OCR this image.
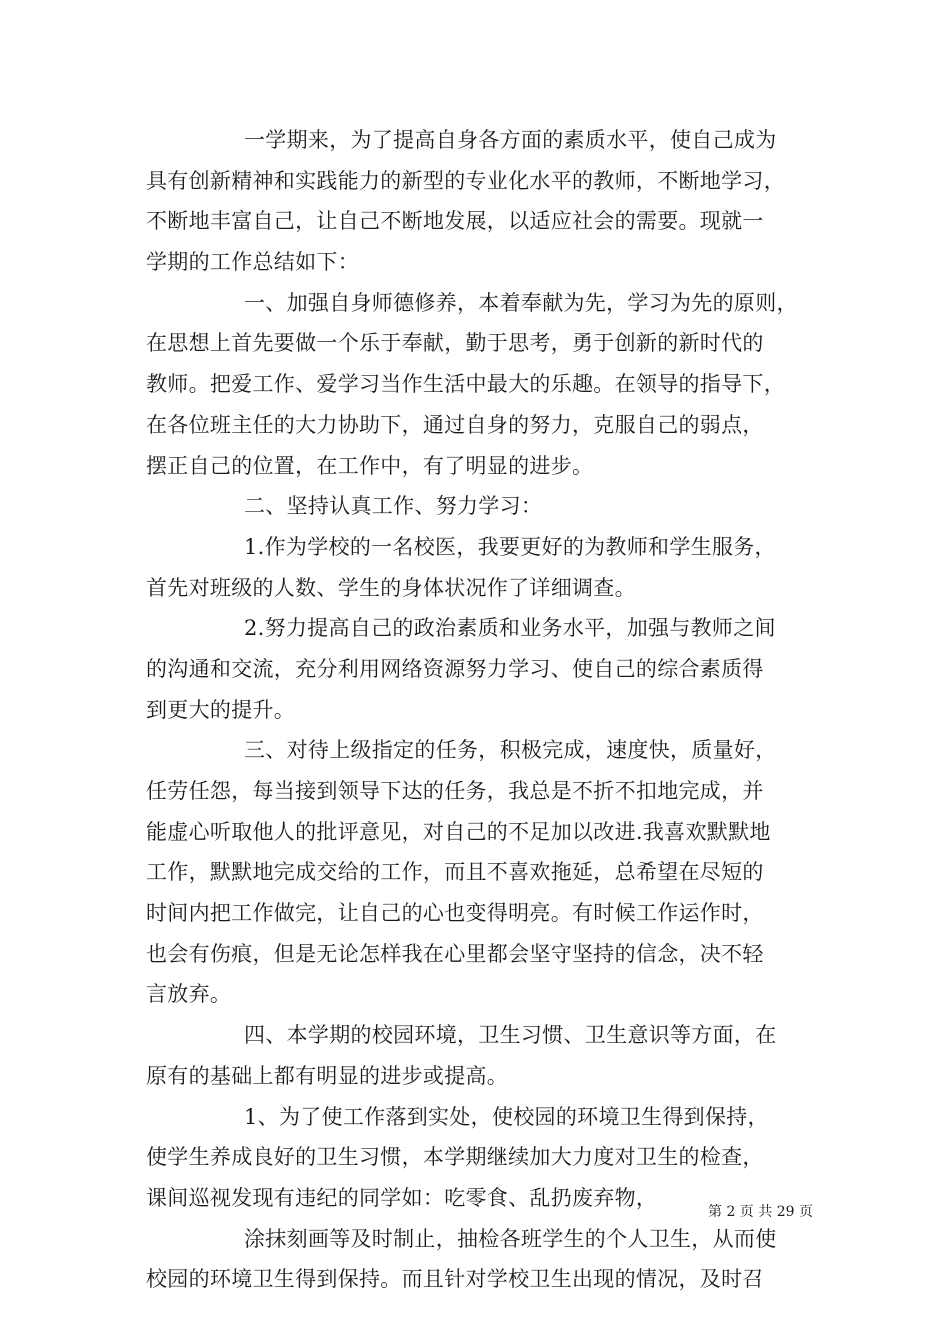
一学期来，为了提高自身各方面的素质水平，使自己成为
具有创新精神和实践能力的新型的专业化水平的教师，不断地学习，
不断地丰富自己，让自己不断地发展，以适应社会的需要。现就一
学期的工作总结如下：
一、加强自身师德修养，本着奉献为先，学习为先的原则，
在思想上首先要做一个乐于奉献，勤于思考，勇于创新的新时代的
教师。把爱工作、爱学习当作生活中最大的乐趣。在领导的指导下，
在各位班主任的大力协助下，通过自身的努力，克服自己的弱点，
摆正自己的位置，在工作中，有了明显的进步。
二、坚持认真工作、努力学习：
1.作为学校的一名校医，我要更好的为教师和学生服务，
首先对班级的人数、学生的身体状况作了详细调查。
2.努力提高自己的政治素质和业务水平，加强与教师之间
的沟通和交流，充分利用网络资源努力学习、使自己的综合素质得
到更大的提升。
三、对待上级指定的任务，积极完成，速度快，质量好，
任劳任怨，每当接到领导下达的任务，我总是不折不扣地完成，并
能虚心听取他人的批评意见，对自己的不足加以改进.我喜欢默默地
工作，默默地完成交给的工作，而且不喜欢拖延，总希望在尽短的
时间内把工作做完，让自己的心也变得明亮。有时候工作运作时，
也会有伤痕，但是无论怎样我在心里都会坚守坚持的信念，决不轻
言放弃。
四、本学期的校园环境，卫生习惯、卫生意识等方面，在
原有的基础上都有明显的进步或提高。
1、为了使工作落到实处，使校园的环境卫生得到保持，
使学生养成良好的卫生习惯，本学期继续加大力度对卫生的检查，
课间巡视发现有违纪的同学如：吃零食、乱扔废弃物，
涂抹刻画等及时制止，抽检各班学生的个人卫生，从而使
校园的环境卫生得到保持。而且针对学校卫生出现的情况，及时召
第 2 页 共 29 页
